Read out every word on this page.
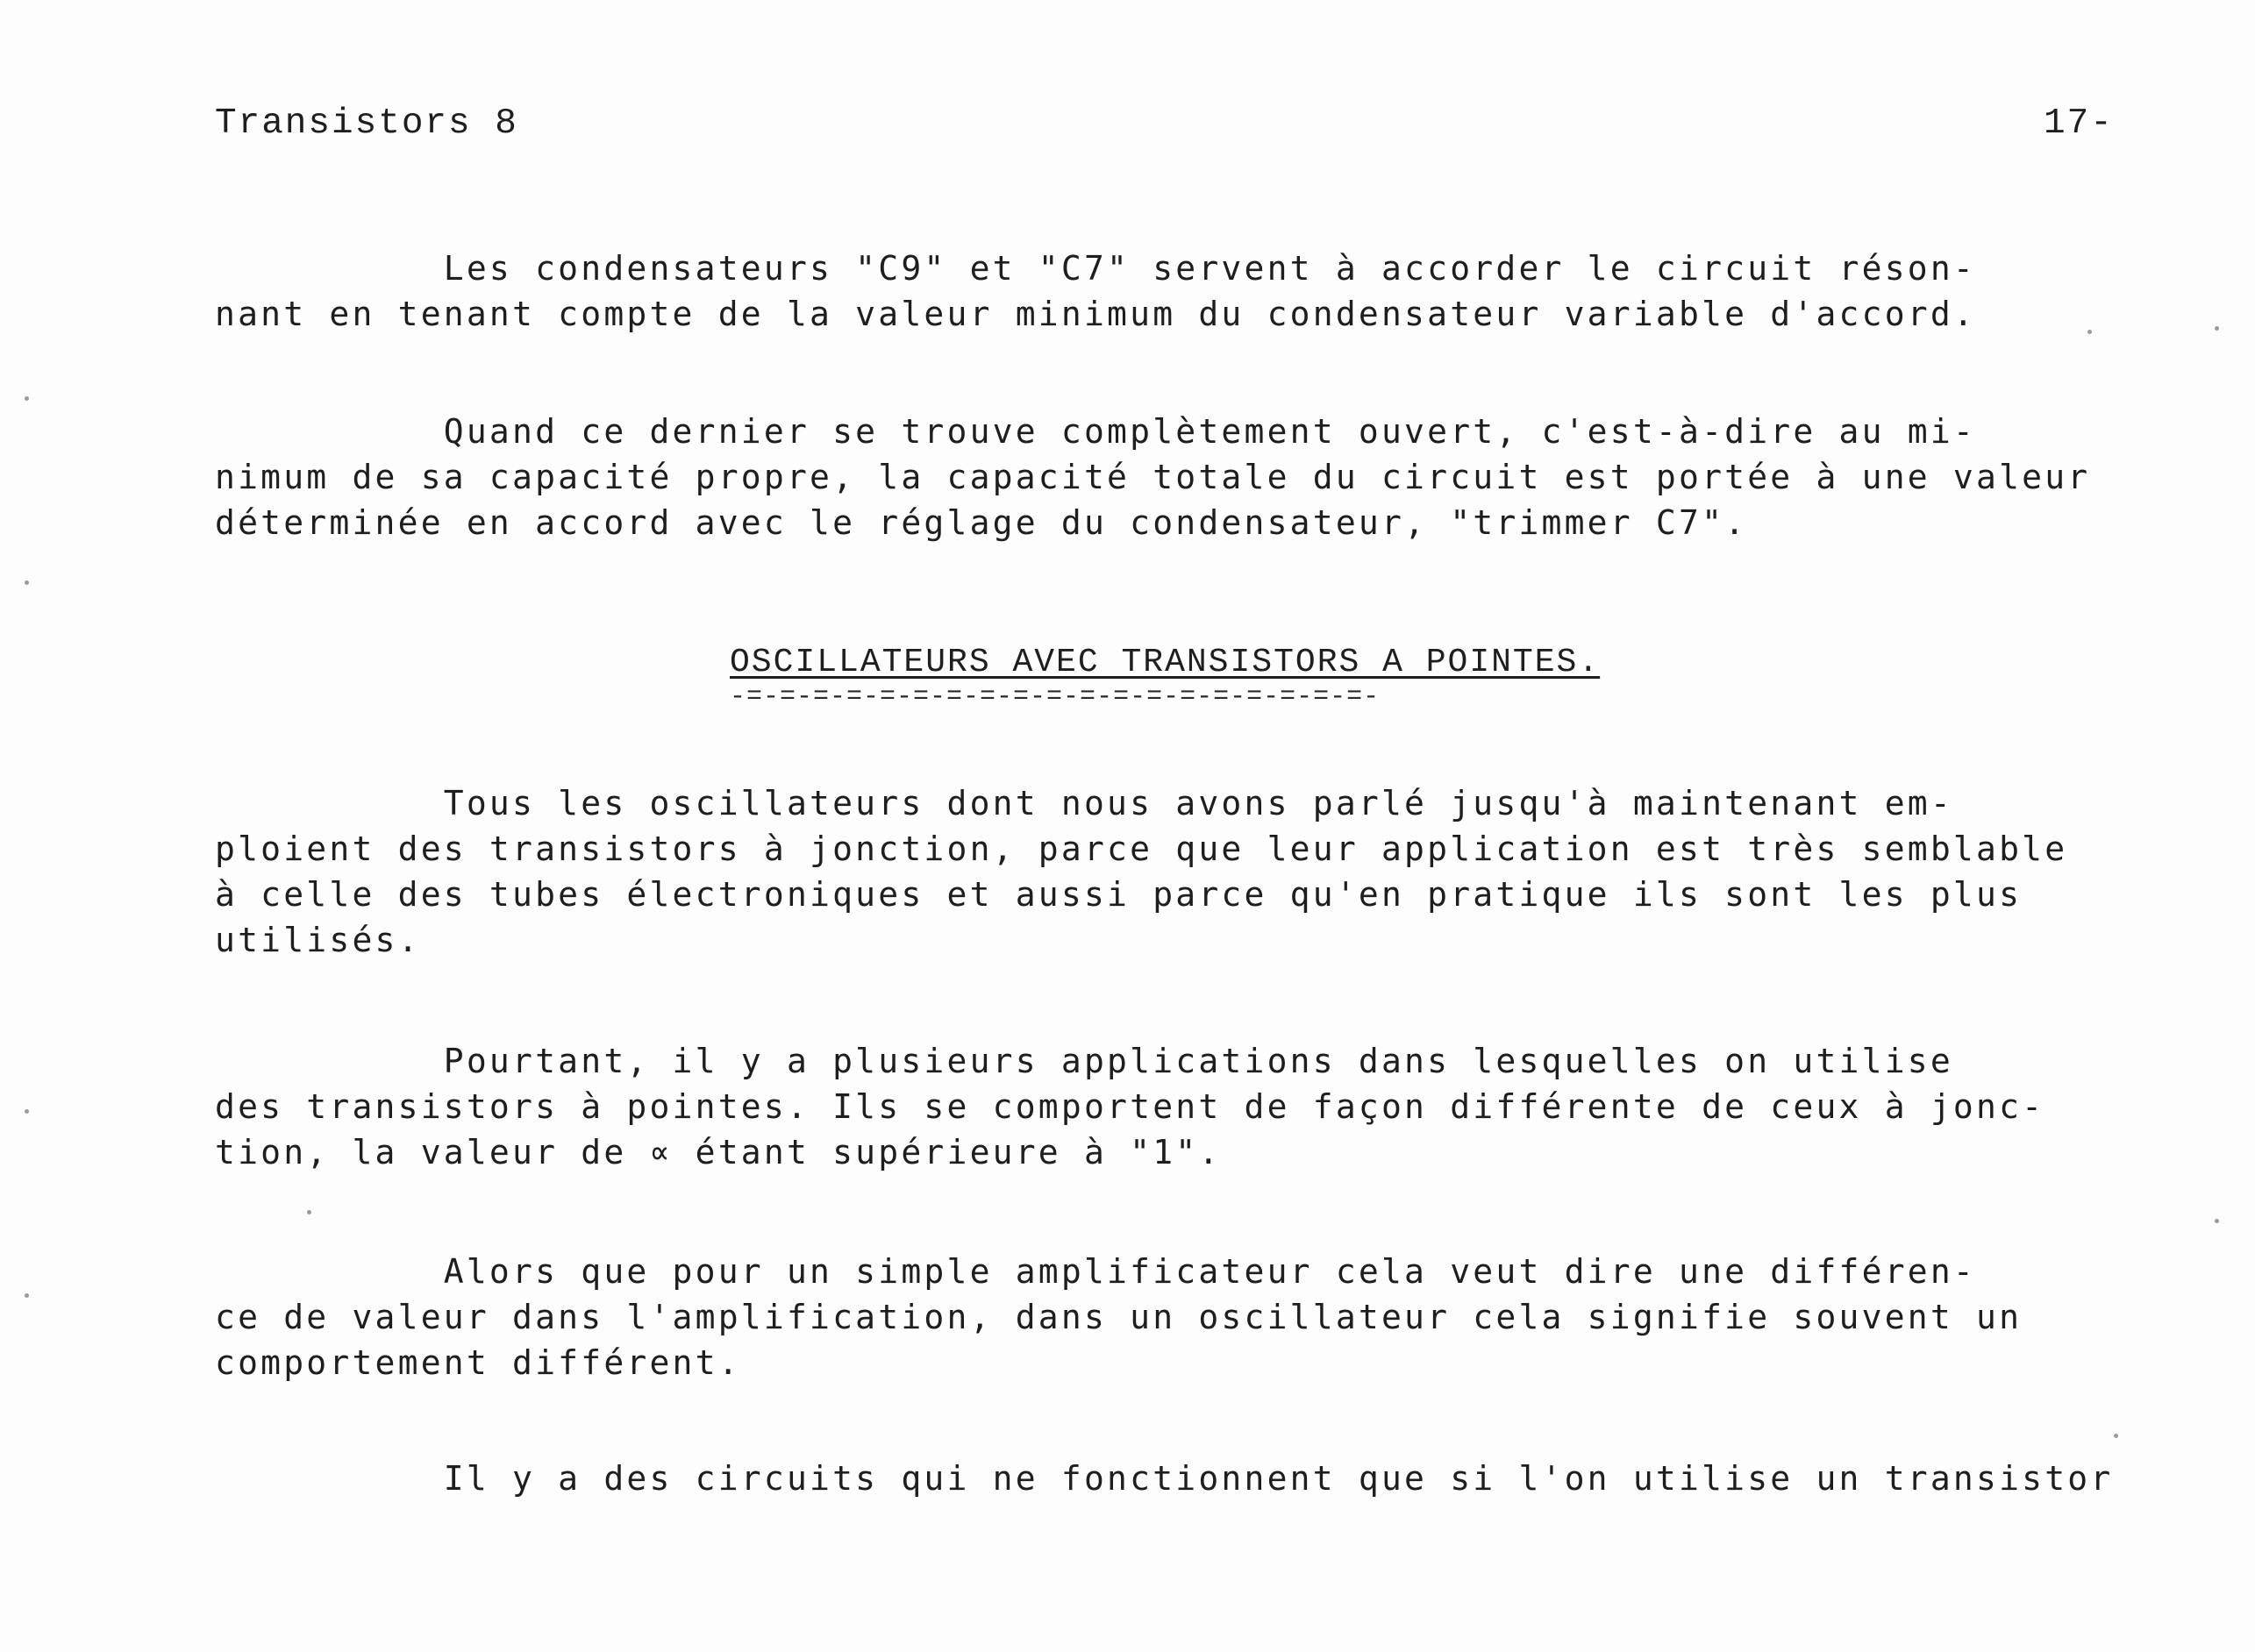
Transistors 8	17-
Les condensateurs "C9" et "C7" servent à accorder le circuit réson-
nant en tenant compte de la valeur minimum du condensateur variable d'accord.
Quand ce dernier se trouve complètement ouvert, c'est-à-dire au mi-
nimum de sa capacité propre, la capacité totale du circuit est portée à une valeur
déterminée en accord avec le réglage du condensateur, "trimmer C7".
OSCILLATEURS AVEC TRANSISTORS A POINTES.
-=-=-=-=-=-=-=-=-=-=-=-=-=-=-=-=-=-=-=-
Tous les oscillateurs dont nous avons parlé jusqu'à maintenant em-
ploient des transistors à jonction, parce que leur application est très semblable
à celle des tubes électroniques et aussi parce qu'en pratique ils sont les plus
utilisés.
Pourtant, il y a plusieurs applications dans lesquelles on utilise
des transistors à pointes. Ils se comportent de façon différente de ceux à jonc-
tion, la valeur de ∝ étant supérieure à "1".
Alors que pour un simple amplificateur cela veut dire une différen-
ce de valeur dans l'amplification, dans un oscillateur cela signifie souvent un
comportement différent.
Il y a des circuits qui ne fonctionnent que si l'on utilise un transistor
